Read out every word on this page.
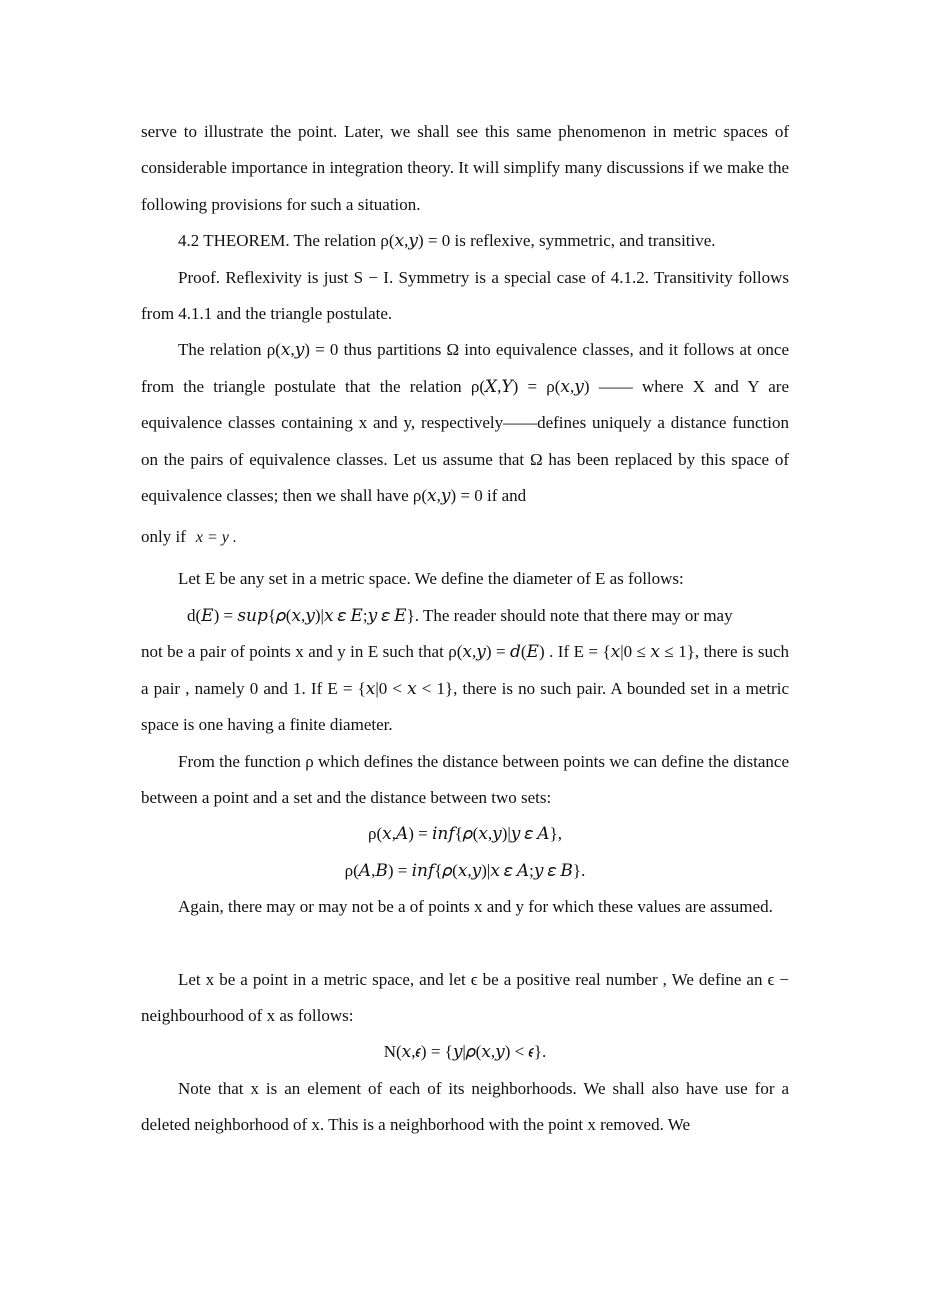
serve to illustrate the point. Later, we shall see this same phenomenon in metric spaces of considerable importance in integration theory. It will simplify many discussions if we make the following provisions for such a situation.

4.2 THEOREM. The relation ρ(𝑥,𝑦) = 0 is reflexive, symmetric, and transitive.

Proof. Reflexivity is just S − I. Symmetry is a special case of 4.1.2. Transitivity follows from 4.1.1 and the triangle postulate.

The relation ρ(𝑥,𝑦) = 0 thus partitions Ω into equivalence classes, and it follows at once from the triangle postulate that the relation ρ(𝑋,𝑌) = ρ(𝑥,𝑦) —— where X and Y are equivalence classes containing x and y, respectively——defines uniquely a distance function on the pairs of equivalence classes. Let us assume that Ω has been replaced by this space of equivalence classes; then we shall have ρ(𝑥,𝑦) = 0 if and

only if x = y .

Let E be any set in a metric space. We define the diameter of E as follows:

d(𝐸) = 𝑠𝑢𝑝{𝜌(𝑥,𝑦)|𝑥 𝜀 𝐸;𝑦 𝜀 𝐸}. The reader should note that there may or may

not be a pair of points x and y in E such that ρ(𝑥,𝑦) = 𝑑(𝐸) . If E = {𝑥|0 ≤ 𝑥 ≤ 1}, there is such a pair , namely 0 and 1. If E = {𝑥|0 < 𝑥 < 1}, there is no such pair. A bounded set in a metric space is one having a finite diameter.

From the function ρ which defines the distance between points we can define the distance between a point and a set and the distance between two sets:

ρ(𝑥,𝐴) = 𝑖𝑛𝑓{𝜌(𝑥,𝑦)|𝑦 𝜀 𝐴},

ρ(𝐴,𝐵) = 𝑖𝑛𝑓{𝜌(𝑥,𝑦)|𝑥 𝜀 𝐴;𝑦 𝜀 𝐵}.

Again, there may or may not be a of points x and y for which these values are assumed.

Let x be a point in a metric space, and let ϵ be a positive real number , We define an ϵ − neighbourhood of x as follows:

N(𝑥,𝜖) = {𝑦|𝜌(𝑥,𝑦) < 𝜖}.

Note that x is an element of each of its neighborhoods. We shall also have use for a deleted neighborhood of x. This is a neighborhood with the point x removed. We
